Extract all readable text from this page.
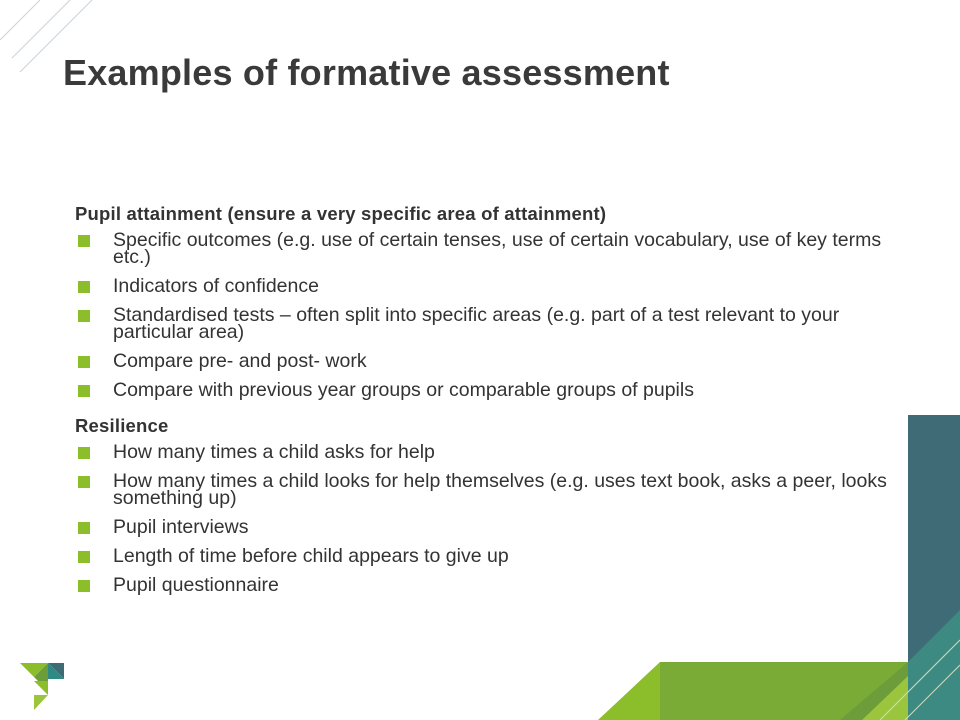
Examples of formative assessment
Pupil attainment (ensure a very specific area of attainment)
Specific outcomes (e.g. use of certain tenses, use of certain vocabulary, use of key terms etc.)
Indicators of confidence
Standardised tests – often split into specific areas (e.g. part of a test relevant to your particular area)
Compare pre- and post- work
Compare with previous year groups or comparable groups of pupils
Resilience
How many times a child asks for help
How many times a child looks for help themselves (e.g. uses text book, asks a peer, looks something up)
Pupil interviews
Length of time before child appears to give up
Pupil questionnaire
